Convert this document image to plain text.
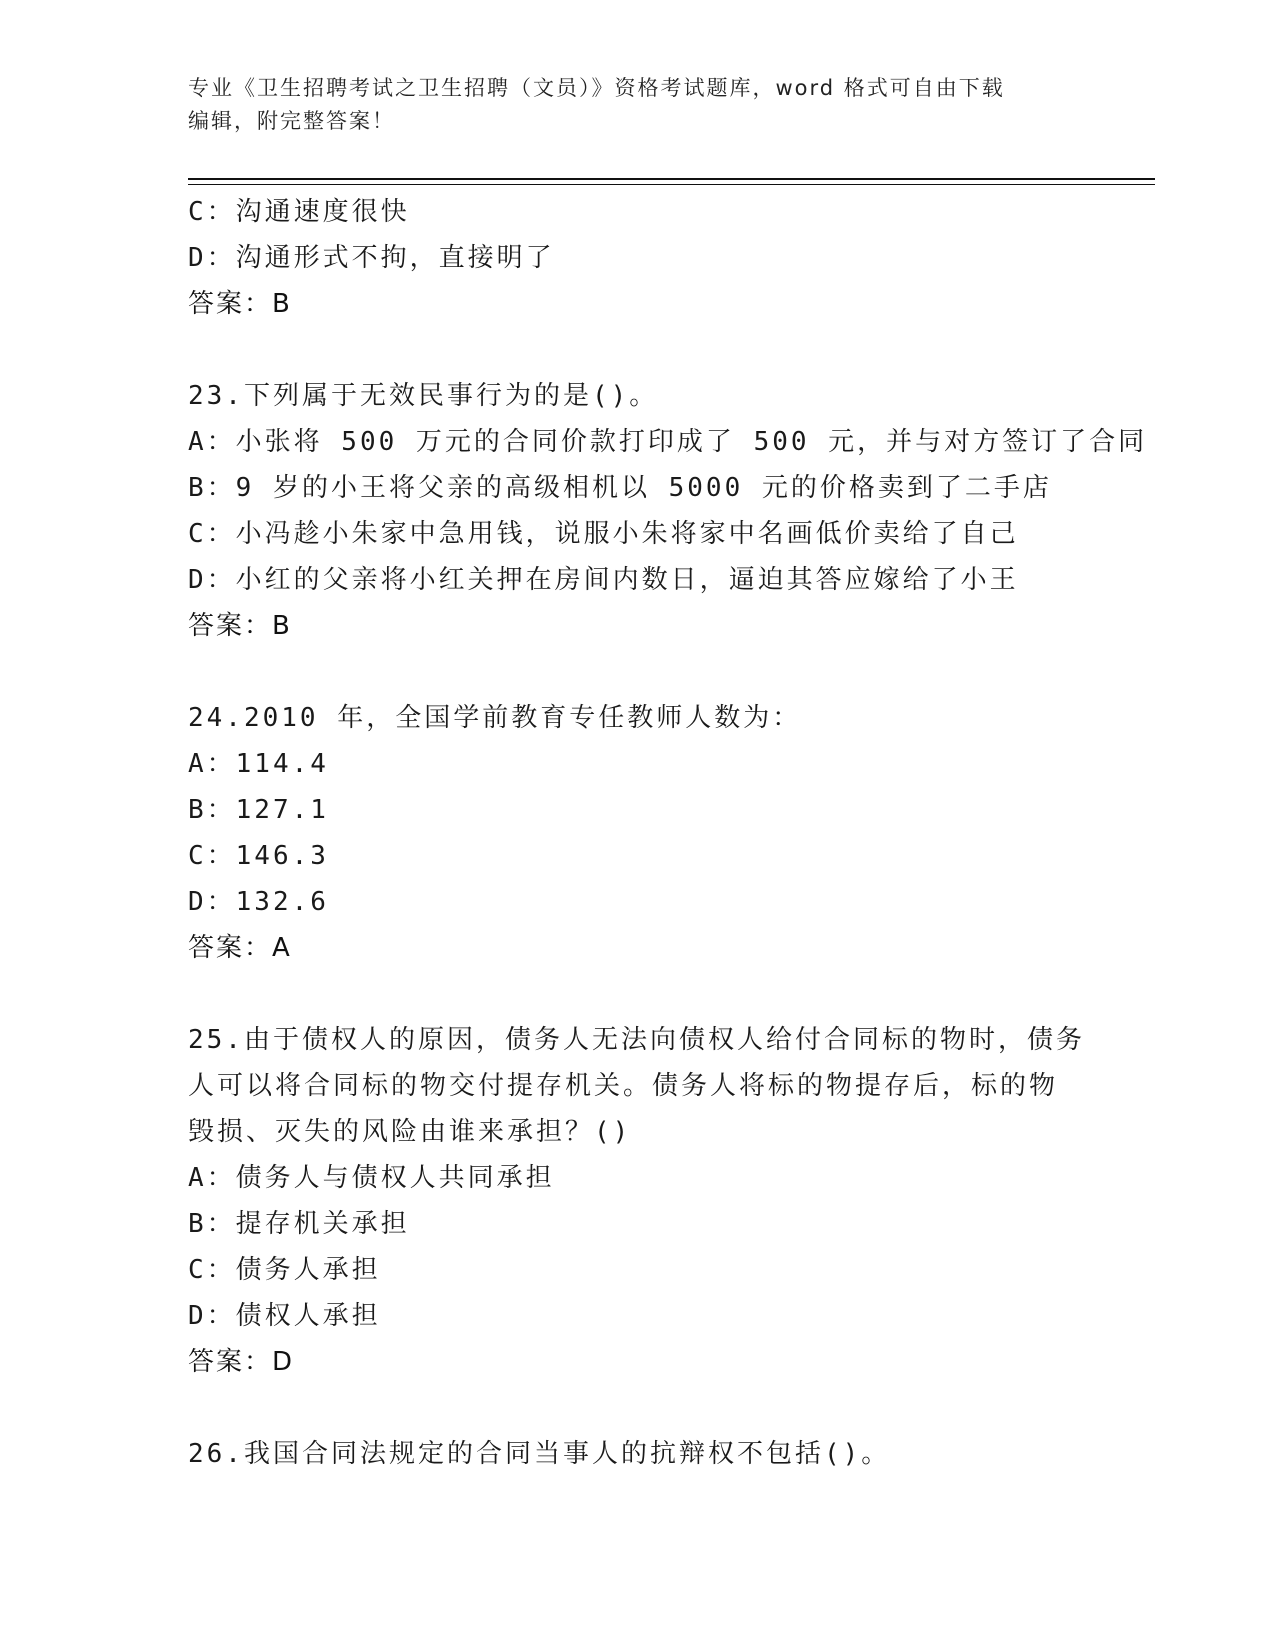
专业《卫生招聘考试之卫生招聘（文员）》资格考试题库，word 格式可自由下载
编辑，附完整答案！
C：沟通速度很快
D：沟通形式不拘，直接明了
答案：B
23.下列属于无效民事行为的是()。
A：小张将 500 万元的合同价款打印成了 500 元，并与对方签订了合同
B：9 岁的小王将父亲的高级相机以 5000 元的价格卖到了二手店
C：小冯趁小朱家中急用钱，说服小朱将家中名画低价卖给了自己
D：小红的父亲将小红关押在房间内数日，逼迫其答应嫁给了小王
答案：B
24.2010 年，全国学前教育专任教师人数为：
A：114.4
B：127.1
C：146.3
D：132.6
答案：A
25.由于债权人的原因，债务人无法向债权人给付合同标的物时，债务
人可以将合同标的物交付提存机关。债务人将标的物提存后，标的物
毁损、灭失的风险由谁来承担？()
A：债务人与债权人共同承担
B：提存机关承担
C：债务人承担
D：债权人承担
答案：D
26.我国合同法规定的合同当事人的抗辩权不包括()。
